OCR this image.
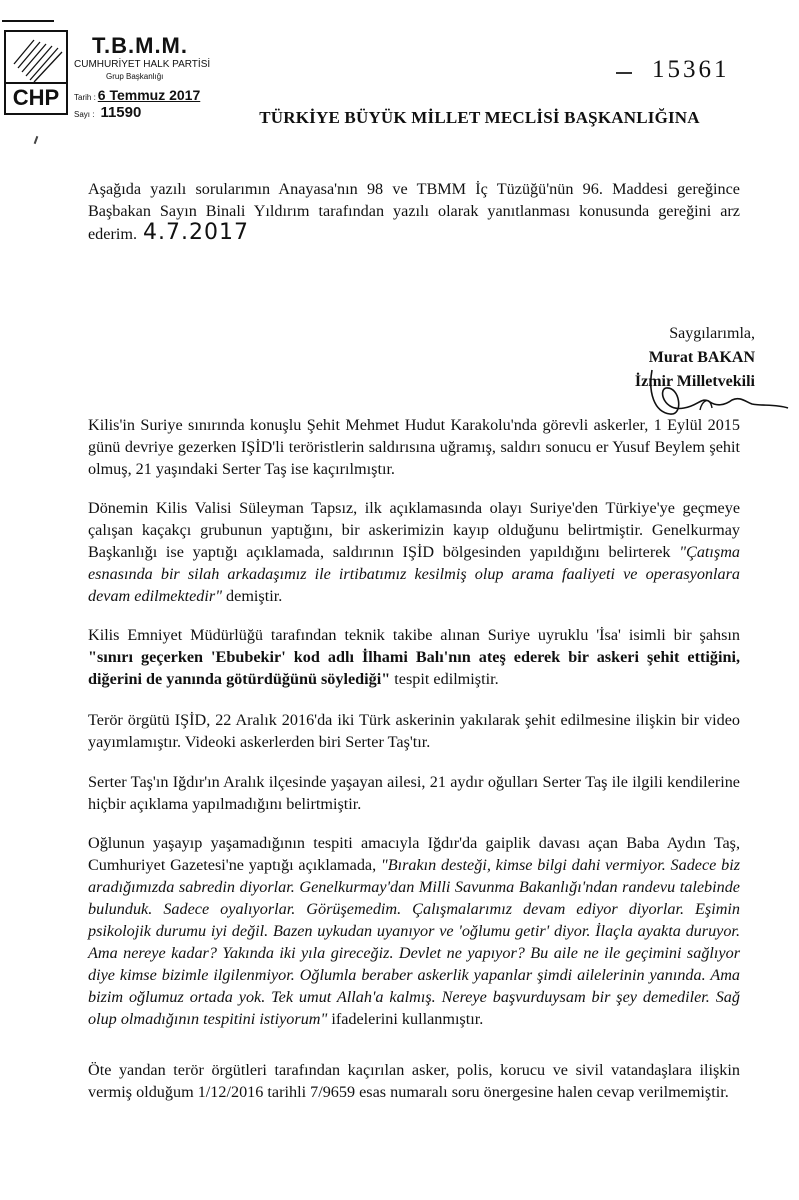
CHP
T.B.M.M.
CUMHURİYET HALK PARTİSİ
Grup Başkanlığı
Tarih : 6 Temmuz 2017
Sayı : 11590
15361
TÜRKİYE BÜYÜK MİLLET MECLİSİ BAŞKANLIĞINA
Aşağıda yazılı sorularımın Anayasa'nın 98 ve TBMM İç Tüzüğü'nün 96. Maddesi gereğince Başbakan Sayın Binali Yıldırım tarafından yazılı olarak yanıtlanması konusunda gereğini arz ederim. 4.7.2017
Saygılarımla,
Murat BAKAN
İzmir Milletvekili
Kilis'in Suriye sınırında konuşlu Şehit Mehmet Hudut Karakolu'nda görevli askerler, 1 Eylül 2015 günü devriye gezerken IŞİD'li teröristlerin saldırısına uğramış, saldırı sonucu er Yusuf Beylem şehit olmuş, 21 yaşındaki Serter Taş ise kaçırılmıştır.
Dönemin Kilis Valisi Süleyman Tapsız, ilk açıklamasında olayı Suriye'den Türkiye'ye geçmeye çalışan kaçakçı grubunun yaptığını, bir askerimizin kayıp olduğunu belirtmiştir. Genelkurmay Başkanlığı ise yaptığı açıklamada, saldırının IŞİD bölgesinden yapıldığını belirterek "Çatışma esnasında bir silah arkadaşımız ile irtibatımız kesilmiş olup arama faaliyeti ve operasyonlara devam edilmektedir" demiştir.
Kilis Emniyet Müdürlüğü tarafından teknik takibe alınan Suriye uyruklu 'İsa' isimli bir şahsın "sınırı geçerken 'Ebubekir' kod adlı İlhami Balı'nın ateş ederek bir askeri şehit ettiğini, diğerini de yanında götürdüğünü söylediği" tespit edilmiştir.
Terör örgütü IŞİD, 22 Aralık 2016'da iki Türk askerinin yakılarak şehit edilmesine ilişkin bir video yayımlamıştır. Videoki askerlerden biri Serter Taş'tır.
Serter Taş'ın Iğdır'ın Aralık ilçesinde yaşayan ailesi, 21 aydır oğulları Serter Taş ile ilgili kendilerine hiçbir açıklama yapılmadığını belirtmiştir.
Oğlunun yaşayıp yaşamadığının tespiti amacıyla Iğdır'da gaiplik davası açan Baba Aydın Taş, Cumhuriyet Gazetesi'ne yaptığı açıklamada, "Bırakın desteği, kimse bilgi dahi vermiyor. Sadece biz aradığımızda sabredin diyorlar. Genelkurmay'dan Milli Savunma Bakanlığı'ndan randevu talebinde bulunduk. Sadece oyalıyorlar. Görüşemedim. Çalışmalarımız devam ediyor diyorlar. Eşimin psikolojik durumu iyi değil. Bazen uykudan uyanıyor ve 'oğlumu getir' diyor. İlaçla ayakta duruyor. Ama nereye kadar? Yakında iki yıla gireceğiz. Devlet ne yapıyor? Bu aile ne ile geçimini sağlıyor diye kimse bizimle ilgilenmiyor. Oğlumla beraber askerlik yapanlar şimdi ailelerinin yanında. Ama bizim oğlumuz ortada yok. Tek umut Allah'a kalmış. Nereye başvurduysam bir şey demediler. Sağ olup olmadığının tespitini istiyorum" ifadelerini kullanmıştır.
Öte yandan terör örgütleri tarafından kaçırılan asker, polis, korucu ve sivil vatandaşlara ilişkin vermiş olduğum 1/12/2016 tarihli 7/9659 esas numaralı soru önergesine halen cevap verilmemiştir.
